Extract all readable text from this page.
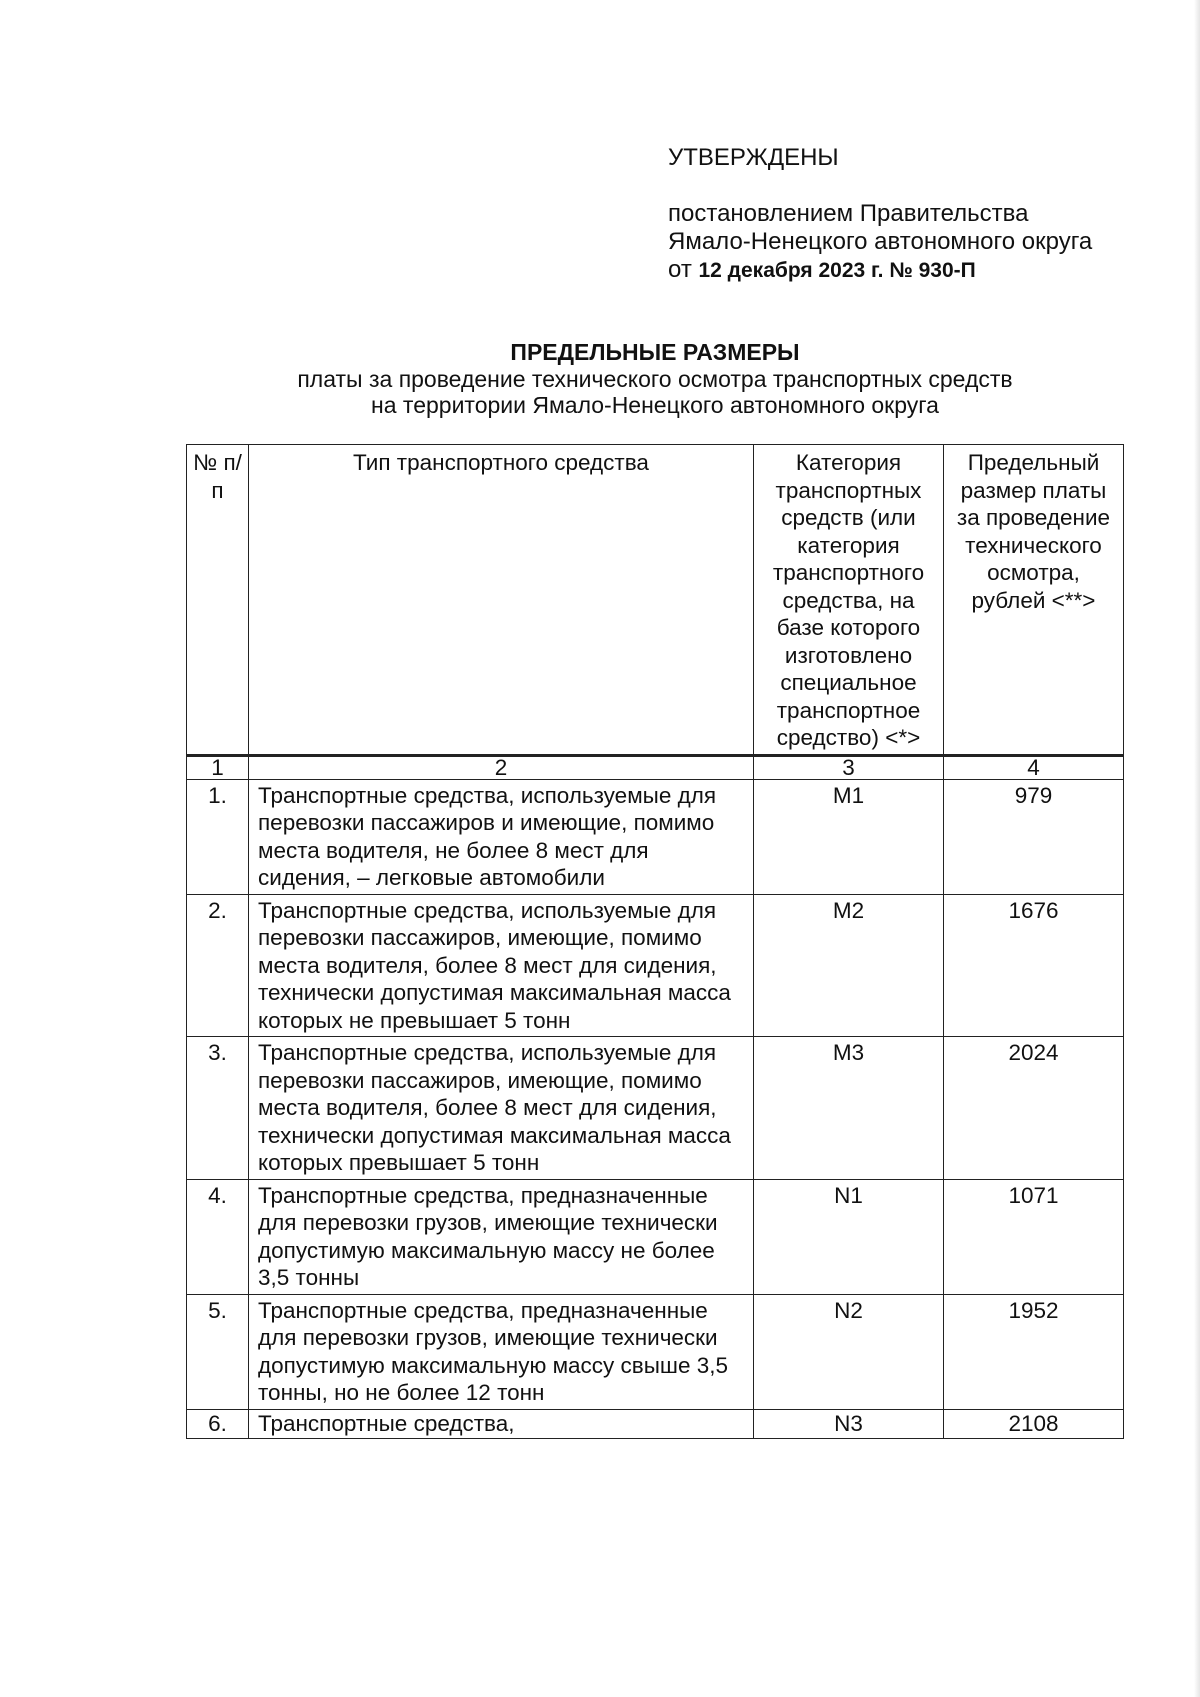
УТВЕРЖДЕНЫ
постановлением Правительства
Ямало-Ненецкого автономного округа
от 12 декабря 2023 г. № 930-П
ПРЕДЕЛЬНЫЕ РАЗМЕРЫ
платы за проведение технического осмотра транспортных средств
на территории Ямало-Ненецкого автономного округа
№ п/п	Тип транспортного средства	Категория транспортных средств (или категория транспортного средства, на базе которого изготовлено специальное транспортное средство) <*>	Предельный размер платы за проведение технического осмотра, рублей <**>
1	2	3	4
1.	Транспортные средства, используемые для перевозки пассажиров и имеющие, помимо места водителя, не более 8 мест для сидения, – легковые автомобили	M1	979
2.	Транспортные средства, используемые для перевозки пассажиров, имеющие, помимо места водителя, более 8 мест для сидения, технически допустимая максимальная масса которых не превышает 5 тонн	M2	1676
3.	Транспортные средства, используемые для перевозки пассажиров, имеющие, помимо места водителя, более 8 мест для сидения, технически допустимая максимальная масса которых превышает 5 тонн	M3	2024
4.	Транспортные средства, предназначенные для перевозки грузов, имеющие технически допустимую максимальную массу не более 3,5 тонны	N1	1071
5.	Транспортные средства, предназначенные для перевозки грузов, имеющие технически допустимую максимальную массу свыше 3,5 тонны, но не более 12 тонн	N2	1952
6.	Транспортные средства,	N3	2108
